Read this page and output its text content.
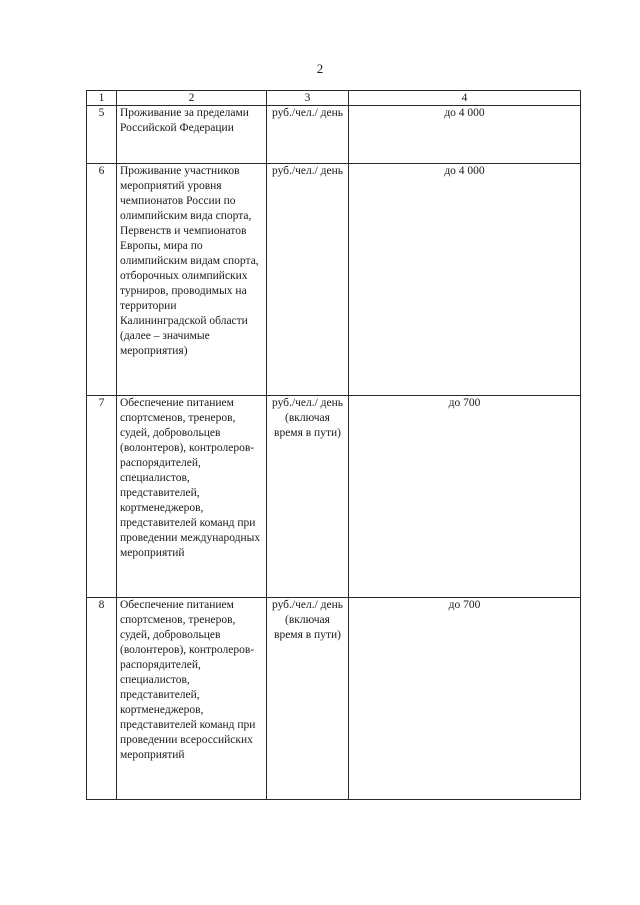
2
1	2	3	4
5	Проживание за пределами Российской Федерации	руб./чел./ день	до 4 000
6	Проживание участников мероприятий уровня чемпионатов России по олимпийским вида спорта, Первенств и чемпионатов Европы, мира по олимпийским видам спорта, отборочных олимпийских турниров, проводимых на территории Калининградской области (далее – значимые мероприятия)	руб./чел./ день	до 4 000
7	Обеспечение питанием спортсменов, тренеров, судей, добровольцев (волонтеров), контролеров-распорядителей, специалистов, представителей, кортменеджеров, представителей команд при проведении международных мероприятий	руб./чел./ день (включая время в пути)	до 700
8	Обеспечение питанием спортсменов, тренеров, судей, добровольцев (волонтеров), контролеров-распорядителей, специалистов, представителей, кортменеджеров, представителей команд при проведении всероссийских мероприятий	руб./чел./ день (включая время в пути)	до 700
